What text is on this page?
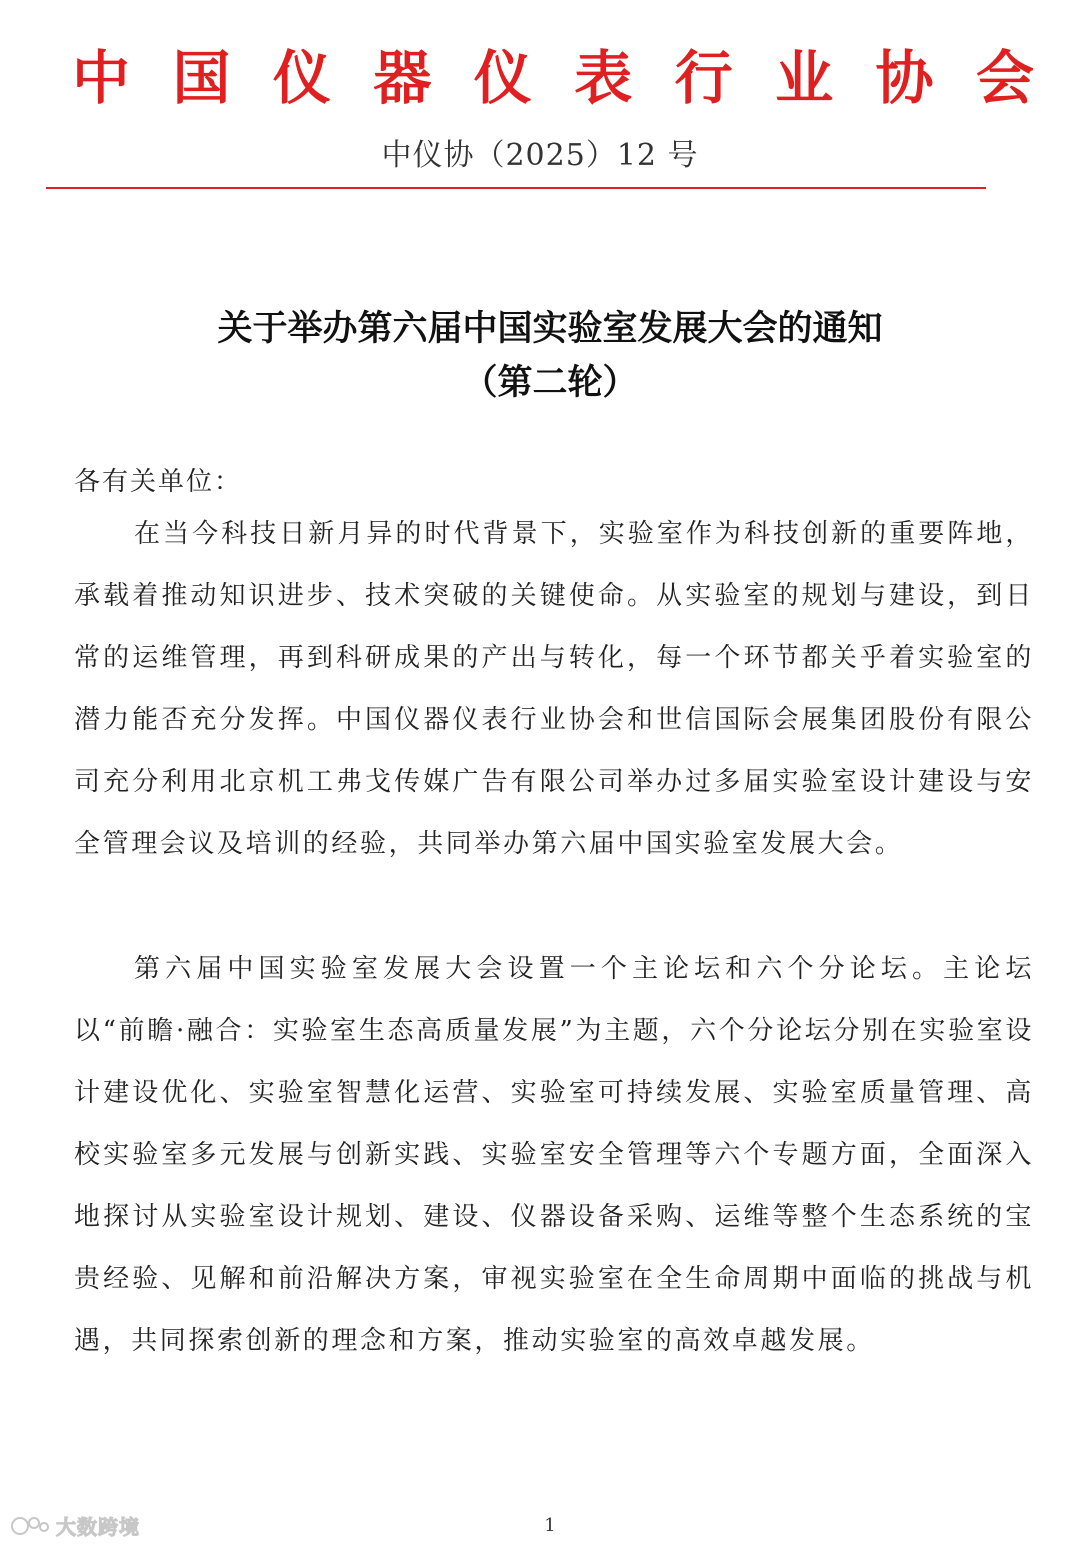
中 国 仪 器 仪 表 行 业 协 会
中仪协（2025）12 号
关于举办第六届中国实验室发展大会的通知
（第二轮）
各有关单位：

在当今科技日新月异的时代背景下，实验室作为科技创新的重要阵地，承载着推动知识进步、技术突破的关键使命。从实验室的规划与建设，到日常的运维管理，再到科研成果的产出与转化，每一个环节都关乎着实验室的潜力能否充分发挥。中国仪器仪表行业协会和世信国际会展集团股份有限公司充分利用北京机工弗戈传媒广告有限公司举办过多届实验室设计建设与安全管理会议及培训的经验，共同举办第六届中国实验室发展大会。

第六届中国实验室发展大会设置一个主论坛和六个分论坛。主论坛以“前瞻·融合：实验室生态高质量发展”为主题，六个分论坛分别在实验室设计建设优化、实验室智慧化运营、实验室可持续发展、实验室质量管理、高校实验室多元发展与创新实践、实验室安全管理等六个专题方面，全面深入地探讨从实验室设计规划、建设、仪器设备采购、运维等整个生态系统的宝贵经验、见解和前沿解决方案，审视实验室在全生命周期中面临的挑战与机遇，共同探索创新的理念和方案，推动实验室的高效卓越发展。

1
大数跨境
